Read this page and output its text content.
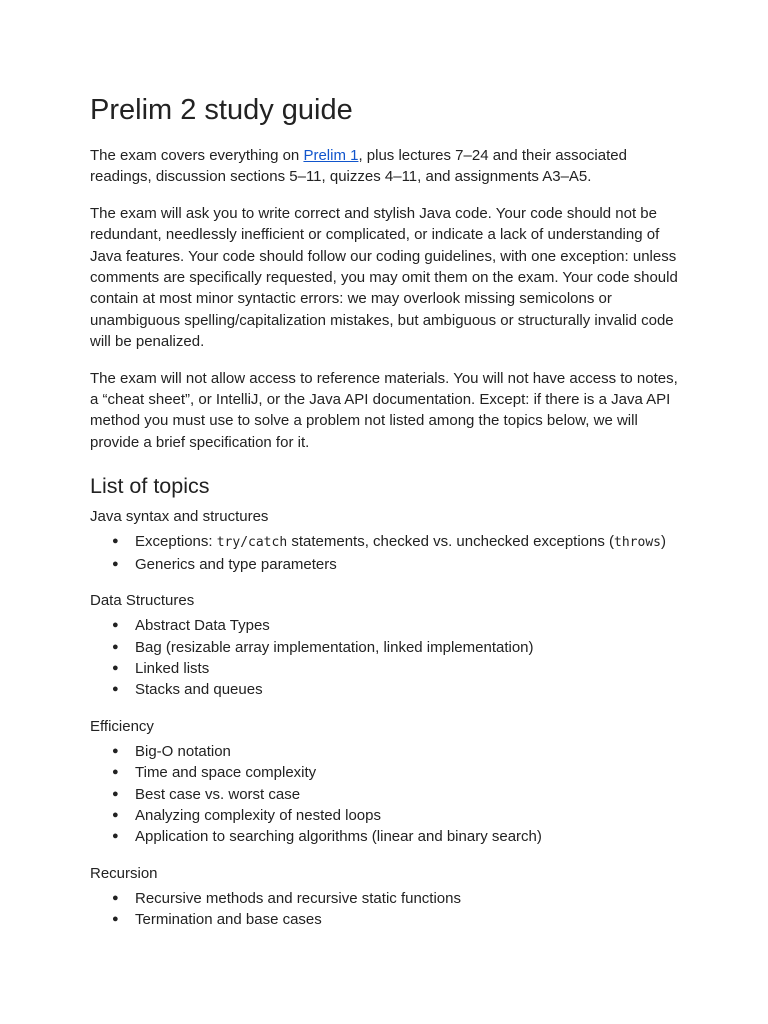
Prelim 2 study guide

The exam covers everything on Prelim 1, plus lectures 7–24 and their associated readings, discussion sections 5–11, quizzes 4–11, and assignments A3–A5.

The exam will ask you to write correct and stylish Java code. Your code should not be redundant, needlessly inefficient or complicated, or indicate a lack of understanding of Java features. Your code should follow our coding guidelines, with one exception: unless comments are specifically requested, you may omit them on the exam. Your code should contain at most minor syntactic errors: we may overlook missing semicolons or unambiguous spelling/capitalization mistakes, but ambiguous or structurally invalid code will be penalized.

The exam will not allow access to reference materials. You will not have access to notes, a “cheat sheet”, or IntelliJ, or the Java API documentation. Except: if there is a Java API method you must use to solve a problem not listed among the topics below, we will provide a brief specification for it.

List of topics
Java syntax and structures
● Exceptions: try/catch statements, checked vs. unchecked exceptions (throws)
● Generics and type parameters
Data Structures
● Abstract Data Types
● Bag (resizable array implementation, linked implementation)
● Linked lists
● Stacks and queues
Efficiency
● Big-O notation
● Time and space complexity
● Best case vs. worst case
● Analyzing complexity of nested loops
● Application to searching algorithms (linear and binary search)
Recursion
● Recursive methods and recursive static functions
● Termination and base cases
